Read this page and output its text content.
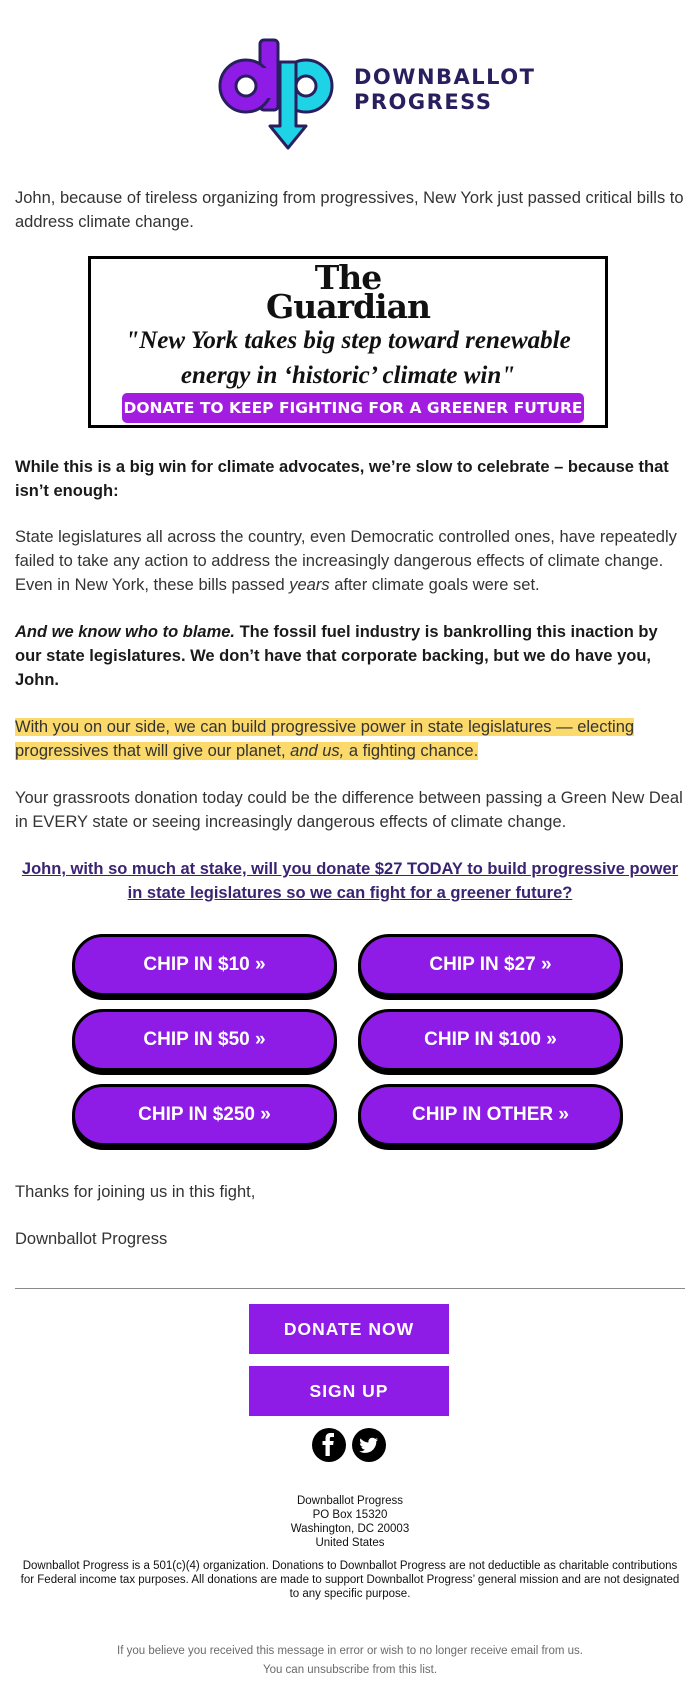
DOWNBALLOT
PROGRESS

John, because of tireless organizing from progressives, New York just passed critical bills to address climate change.

The
Guardian
"New York takes big step toward renewable energy in ‘historic’ climate win"
DONATE TO KEEP FIGHTING FOR A GREENER FUTURE >>

While this is a big win for climate advocates, we’re slow to celebrate – because that isn’t enough:

State legislatures all across the country, even Democratic controlled ones, have repeatedly failed to take any action to address the increasingly dangerous effects of climate change. Even in New York, these bills passed years after climate goals were set.

And we know who to blame. The fossil fuel industry is bankrolling this inaction by our state legislatures. We don’t have that corporate backing, but we do have you, John.

With you on our side, we can build progressive power in state legislatures — electing progressives that will give our planet, and us, a fighting chance.

Your grassroots donation today could be the difference between passing a Green New Deal in EVERY state or seeing increasingly dangerous effects of climate change.

John, with so much at stake, will you donate $27 TODAY to build progressive power in state legislatures so we can fight for a greener future?
CHIP IN $10 »	CHIP IN $27 »
CHIP IN $50 »	CHIP IN $100 »
CHIP IN $250 »	CHIP IN OTHER »

Thanks for joining us in this fight,

Downballot Progress

DONATE NOW
SIGN UP
Downballot Progress
PO Box 15320
Washington, DC 20003
United States
Downballot Progress is a 501(c)(4) organization. Donations to Downballot Progress are not deductible as charitable contributions for Federal income tax purposes. All donations are made to support Downballot Progress’ general mission and are not designated to any specific purpose.
If you believe you received this message in error or wish to no longer receive email from us.
You can unsubscribe from this list.
